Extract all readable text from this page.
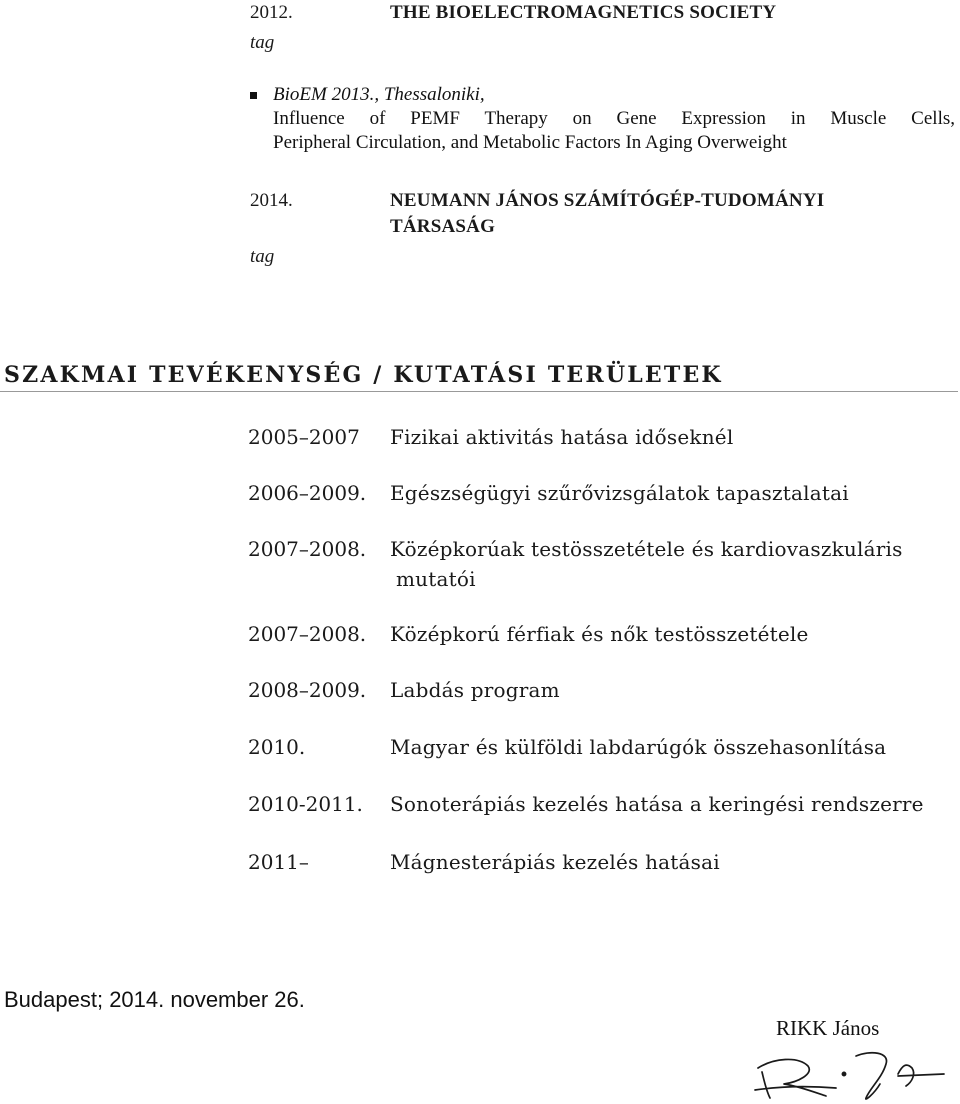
2012.	THE BIOELECTROMAGNETICS SOCIETY
tag
BioEM 2013., Thessaloniki,
Influence of PEMF Therapy on Gene Expression in Muscle Cells,
Peripheral Circulation, and Metabolic Factors In Aging Overweight
2014.	NEUMANN JÁNOS SZÁMÍTÓGÉP-TUDOMÁNYI
TÁRSASÁG
tag
SZAKMAI TEVÉKENYSÉG / KUTATÁSI TERÜLETEK
2005–2007 Fizikai aktivitás hatása időseknél
2006–2009. Egészségügyi szűrővizsgálatok tapasztalatai
2007–2008. Középkorúak testösszetétele és kardiovaszkuláris
mutatói
2007–2008. Középkorú férfiak és nők testösszetétele
2008–2009. Labdás program
2010.	Magyar és külföldi labdarúgók összehasonlítása
2010-2011. Sonoterápiás kezelés hatása a keringési rendszerre
2011–	Mágnesterápiás kezelés hatásai
Budapest; 2014. november 26.
RIKK János
